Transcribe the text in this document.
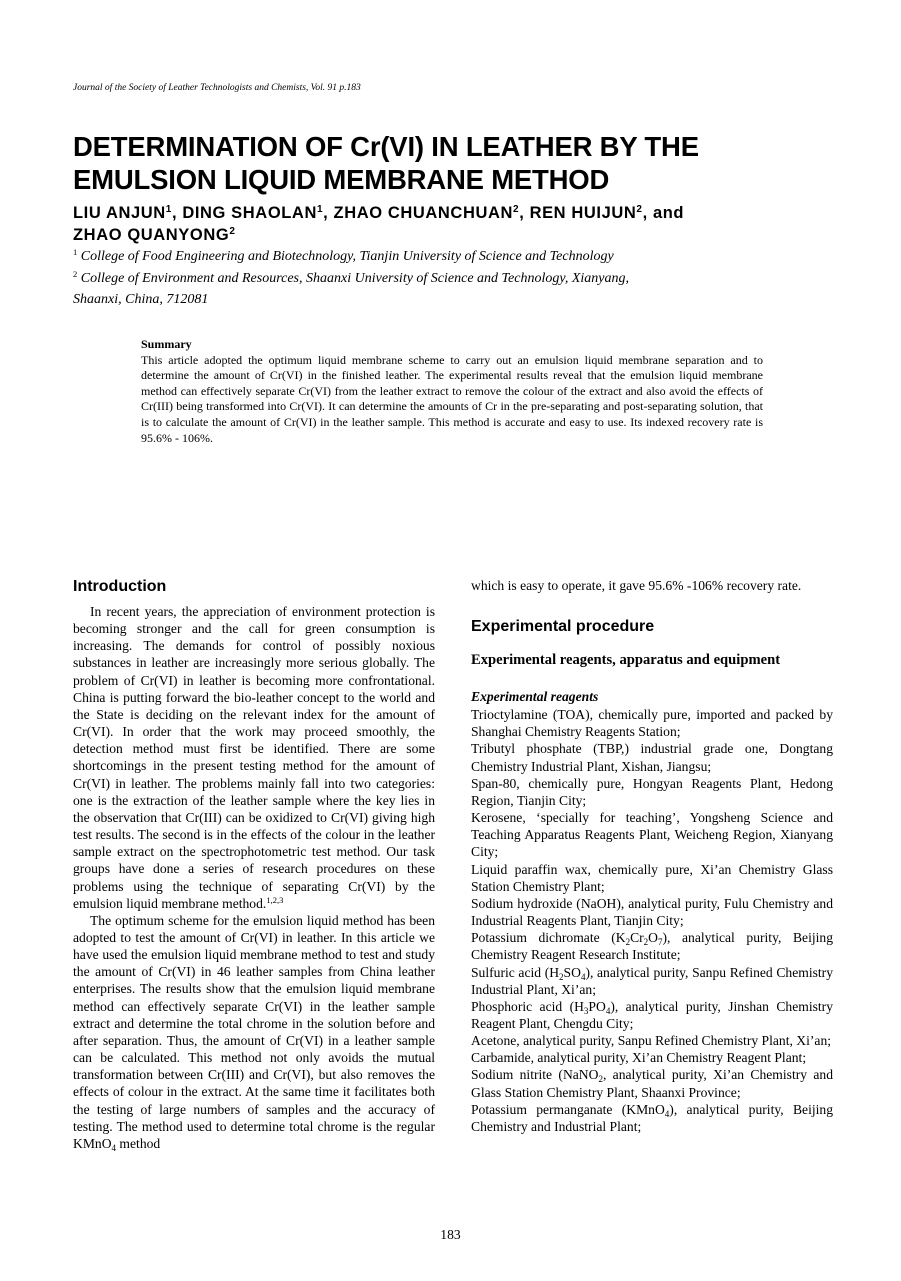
Journal of the Society of Leather Technologists and Chemists, Vol. 91 p.183
DETERMINATION OF Cr(VI) IN LEATHER BY THE
EMULSION LIQUID MEMBRANE METHOD
LIU ANJUN$^1$, DING SHAOLAN$^1$, ZHAO CHUANCHUAN$^2$, REN HUIJUN$^2$, and
ZHAO QUANYONG$^2$
$^1$ College of Food Engineering and Biotechnology, Tianjin University of Science and Technology
$^2$ College of Environment and Resources, Shaanxi University of Science and Technology, Xianyang,
Shaanxi, China, 712081
Summary
This article adopted the optimum liquid membrane scheme to carry out an emulsion liquid membrane separation and to determine the amount of Cr(VI) in the finished leather. The experimental results reveal that the emulsion liquid membrane method can effectively separate Cr(VI) from the leather extract to remove the colour of the extract and also avoid the effects of Cr(III) being transformed into Cr(VI). It can determine the amounts of Cr in the pre-separating and post-separating solution, that is to calculate the amount of Cr(VI) in the leather sample. This method is accurate and easy to use. Its indexed recovery rate is 95.6% - 106%.
Introduction

In recent years, the appreciation of environment protection is becoming stronger and the call for green consumption is increasing. The demands for control of possibly noxious substances in leather are increasingly more serious globally. The problem of Cr(VI) in leather is becoming more confrontational. China is putting forward the bio-leather concept to the world and the State is deciding on the relevant index for the amount of Cr(VI). In order that the work may proceed smoothly, the detection method must first be identified. There are some shortcomings in the present testing method for the amount of Cr(VI) in leather. The problems mainly fall into two categories: one is the extraction of the leather sample where the key lies in the observation that Cr(III) can be oxidized to Cr(VI) giving high test results. The second is in the effects of the colour in the leather sample extract on the spectrophotometric test method. Our task groups have done a series of research procedures on these problems using the technique of separating Cr(VI) by the emulsion liquid membrane method.$^{1,2,3}$

The optimum scheme for the emulsion liquid method has been adopted to test the amount of Cr(VI) in leather. In this article we have used the emulsion liquid membrane method to test and study the amount of Cr(VI) in 46 leather samples from China leather enterprises. The results show that the emulsion liquid membrane method can effectively separate Cr(VI) in the leather sample extract and determine the total chrome in the solution before and after separation. Thus, the amount of Cr(VI) in a leather sample can be calculated. This method not only avoids the mutual transformation between Cr(III) and Cr(VI), but also removes the effects of colour in the extract. At the same time it facilitates both the testing of large numbers of samples and the accuracy of testing. The method used to determine total chrome is the regular KMnO$_4$ method

which is easy to operate, it gave 95.6% -106% recovery rate.

Experimental procedure
Experimental reagents, apparatus and equipment
Experimental reagents

Trioctylamine (TOA), chemically pure, imported and packed by Shanghai Chemistry Reagents Station;

Tributyl phosphate (TBP,) industrial grade one, Dongtang Chemistry Industrial Plant, Xishan, Jiangsu;

Span-80, chemically pure, Hongyan Reagents Plant, Hedong Region, Tianjin City;

Kerosene, ‘specially for teaching’, Yongsheng Science and Teaching Apparatus Reagents Plant, Weicheng Region, Xianyang City;

Liquid paraffin wax, chemically pure, Xi’an Chemistry Glass Station Chemistry Plant;

Sodium hydroxide (NaOH), analytical purity, Fulu Chemistry and Industrial Reagents Plant, Tianjin City;

Potassium dichromate $(K_2Cr_2O_7)$, analytical purity, Beijing Chemistry Reagent Research Institute;

Sulfuric acid $(H_2SO_4)$, analytical purity, Sanpu Refined Chemistry Industrial Plant, Xi’an;

Phosphoric acid $(H_3PO_4)$, analytical purity, Jinshan Chemistry Reagent Plant, Chengdu City;

Acetone, analytical purity, Sanpu Refined Chemistry Plant, Xi’an;

Carbamide, analytical purity, Xi’an Chemistry Reagent Plant;

Sodium nitrite (NaNO$_2$, analytical purity, Xi’an Chemistry and Glass Station Chemistry Plant, Shaanxi Province;

Potassium permanganate (KMnO$_4$), analytical purity, Beijing Chemistry and Industrial Plant;

183
